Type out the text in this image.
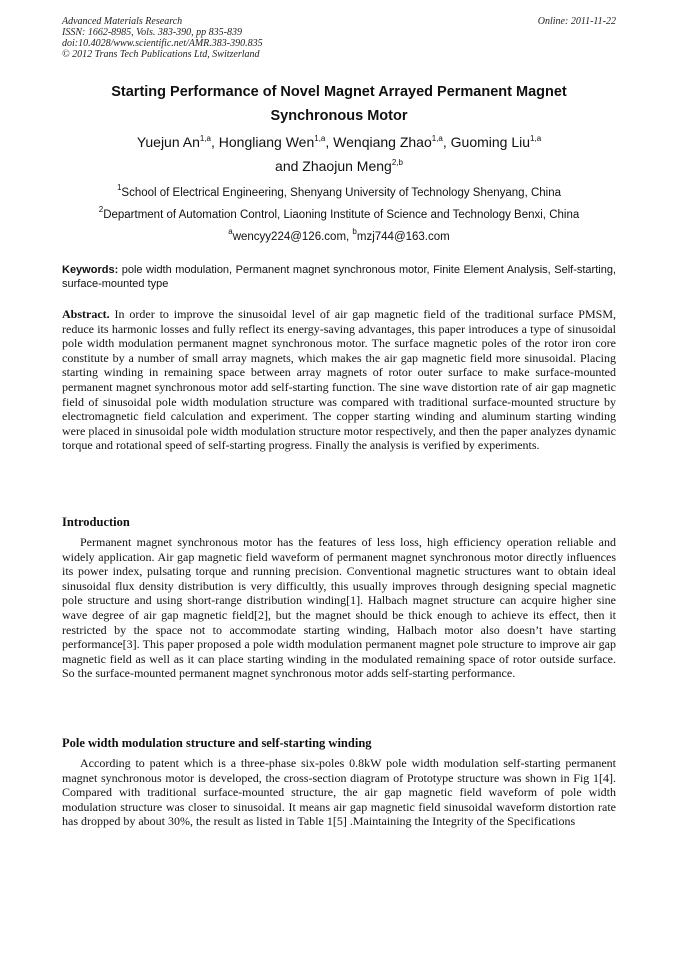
Advanced Materials Research
ISSN: 1662-8985, Vols. 383-390, pp 835-839
doi:10.4028/www.scientific.net/AMR.383-390.835
© 2012 Trans Tech Publications Ltd, Switzerland
Online: 2011-11-22
Starting Performance of Novel Magnet Arrayed Permanent Magnet
Synchronous Motor
Yuejun An$^{1,a}$, Hongliang Wen$^{1,a}$, Wenqiang Zhao$^{1,a}$, Guoming Liu$^{1,a}$
and Zhaojun Meng$^{2,b}$
$^1$School of Electrical Engineering, Shenyang University of Technology Shenyang, China
$^2$Department of Automation Control, Liaoning Institute of Science and Technology Benxi, China
$^a$wencyy224@126.com, $^b$mzj744@163.com
Keywords: pole width modulation, Permanent magnet synchronous motor, Finite Element Analysis, Self-starting, surface-mounted type

Abstract. In order to improve the sinusoidal level of air gap magnetic field of the traditional surface PMSM, reduce its harmonic losses and fully reflect its energy-saving advantages, this paper introduces a type of sinusoidal pole width modulation permanent magnet synchronous motor. The surface magnetic poles of the rotor iron core constitute by a number of small array magnets, which makes the air gap magnetic field more sinusoidal. Placing starting winding in remaining space between array magnets of rotor outer surface to make surface-mounted permanent magnet synchronous motor add self-starting function. The sine wave distortion rate of air gap magnetic field of sinusoidal pole width modulation structure was compared with traditional surface-mounted structure by electromagnetic field calculation and experiment. The copper starting winding and aluminum starting winding were placed in sinusoidal pole width modulation structure motor respectively, and then the paper analyzes dynamic torque and rotational speed of self-starting progress. Finally the analysis is verified by experiments.

Introduction

Permanent magnet synchronous motor has the features of less loss, high efficiency operation reliable and widely application. Air gap magnetic field waveform of permanent magnet synchronous motor directly influences its power index, pulsating torque and running precision. Conventional magnetic structures want to obtain ideal sinusoidal flux density distribution is very difficultly, this usually improves through designing special magnetic pole structure and using short-range distribution winding[1]. Halbach magnet structure can acquire higher sine wave degree of air gap magnetic field[2], but the magnet should be thick enough to achieve its effect, then it restricted by the space not to accommodate starting winding, Halbach motor also doesn’t have starting performance[3]. This paper proposed a pole width modulation permanent magnet pole structure to improve air gap magnetic field as well as it can place starting winding in the modulated remaining space of rotor outside surface. So the surface-mounted permanent magnet synchronous motor adds self-starting performance.

Pole width modulation structure and self-starting winding

According to patent which is a three-phase six-poles 0.8kW pole width modulation self-starting permanent magnet synchronous motor is developed, the cross-section diagram of Prototype structure was shown in Fig 1[4]. Compared with traditional surface-mounted structure, the air gap magnetic field waveform of pole width modulation structure was closer to sinusoidal. It means air gap magnetic field sinusoidal waveform distortion rate has dropped by about 30%, the result as listed in Table 1[5] .Maintaining the Integrity of the Specifications
